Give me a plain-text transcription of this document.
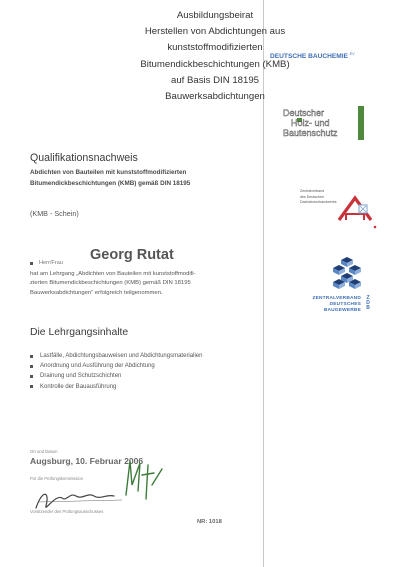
Ausbildungsbeirat
Herstellen von Abdichtungen aus
kunststoffmodifizierten
Bitumendickbeschichtungen (KMB)
auf Basis DIN 18195
Bauwerksabdichtungen
Qualifikationsnachweis
Abdichten von Bauteilen mit kunststoffmodifizierten
Bitumendickbeschichtungen (KMB) gemäß DIN 18195
(KMB - Schein)
Herr/Frau Georg Rutat
hat am Lehrgang „Abdichten von Bauteilen mit kunststoffmodifi-
zierten Bitumendickbeschichtungen (KMB) gemäß DIN 18195
Bauwerksabdichtungen“ erfolgreich teilgenommen.
Die Lehrgangsinhalte
Lastfälle, Abdichtungsbauweisen und Abdichtungsmaterialien
Anordnung und Ausführung der Abdichtung
Drainung und Schutzschichten
Kontrolle der Bauausführung
Ort und Datum
Augsburg, 10. Februar 2006
Für die Prüfungskommission
Vorsitzender des Prüfungsausschusses
NR: 1018
DEUTSCHE BAUCHEMIE $^{EV}$
Deutscher
Holz- und
Bautenschutz
Zentralverband
des Deutschen
Dachdeckerhandwerks
ZENTRALVERBAND
DEUTSCHES
BAUGEWERBE
ZDB
